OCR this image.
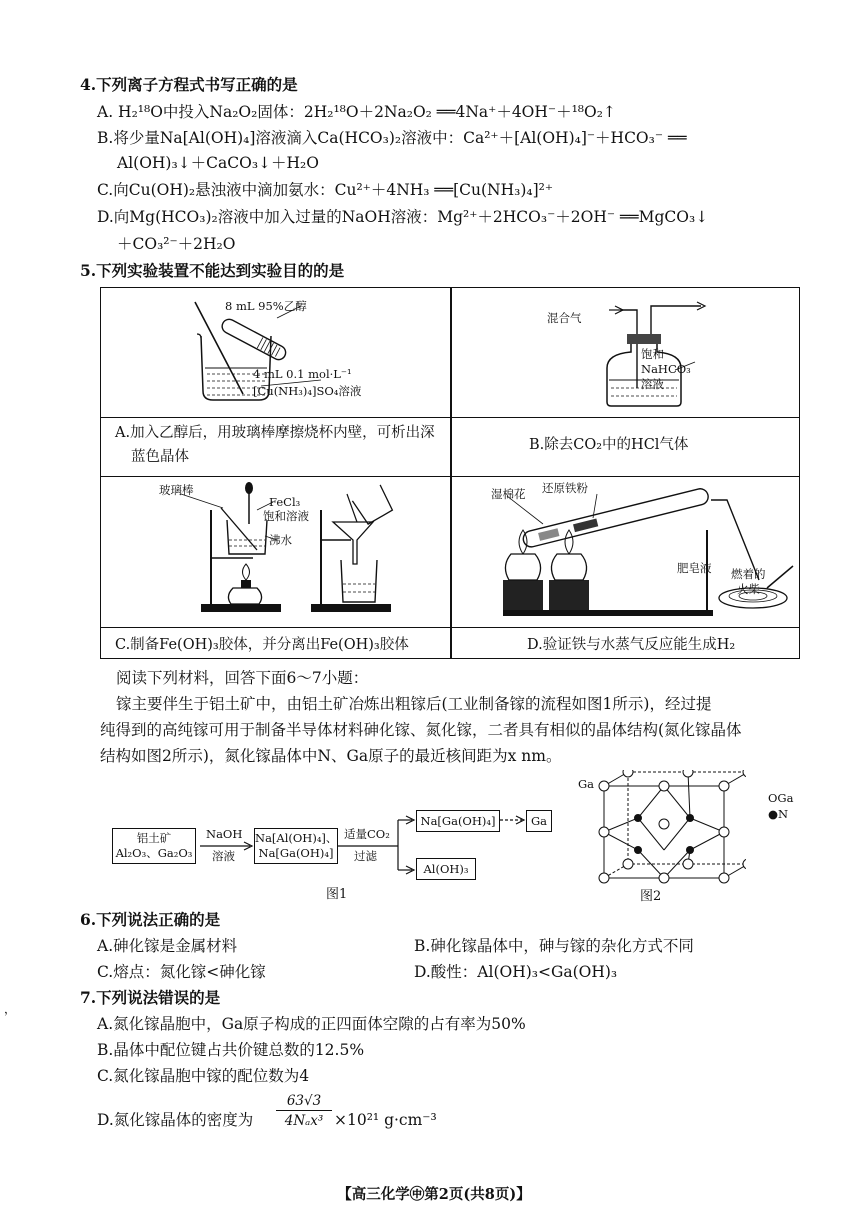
4.下列离子方程式书写正确的是
A. H₂¹⁸O中投入Na₂O₂固体：2H₂¹⁸O＋2Na₂O₂ ══4Na⁺＋4OH⁻＋¹⁸O₂↑
B.将少量Na[Al(OH)₄]溶液滴入Ca(HCO₃)₂溶液中：Ca²⁺＋[Al(OH)₄]⁻＋HCO₃⁻ ══
Al(OH)₃↓＋CaCO₃↓＋H₂O
C.向Cu(OH)₂悬浊液中滴加氨水：Cu²⁺＋4NH₃ ══[Cu(NH₃)₄]²⁺
D.向Mg(HCO₃)₂溶液中加入过量的NaOH溶液：Mg²⁺＋2HCO₃⁻＋2OH⁻ ══MgCO₃↓
＋CO₃²⁻＋2H₂O
5.下列实验装置不能达到实验目的的是
8 mL 95%乙醇
4 mL 0.1 mol·L⁻¹
[Cu(NH₃)₄]SO₄溶液
A.加入乙醇后，用玻璃棒摩擦烧杯内壁，可析出深
蓝色晶体
混合气
饱和
NaHCO₃
溶液
B.除去CO₂中的HCl气体
玻璃棒
FeCl₃
饱和溶液
沸水
C.制备Fe(OH)₃胶体，并分离出Fe(OH)₃胶体
湿棉花 还原铁粉
肥皂液 燃着的
火柴
D.验证铁与水蒸气反应能生成H₂
阅读下列材料，回答下面6～7小题：
镓主要伴生于铝土矿中，由铝土矿冶炼出粗镓后(工业制备镓的流程如图1所示)，经过提
纯得到的高纯镓可用于制备半导体材料砷化镓、氮化镓，二者具有相似的晶体结构(氮化镓晶体
结构如图2所示)，氮化镓晶体中N、Ga原子的最近核间距为x nm。
铝土矿
Al₂O₃、Ga₂O₃
NaOH
溶液
Na[Al(OH)₄]、
Na[Ga(OH)₄]
适量CO₂
过滤
Na[Ga(OH)₄]	Ga
Al(OH)₃
图1
Ga
OGa
●N
图2
6.下列说法正确的是
A.砷化镓是金属材料	B.砷化镓晶体中，砷与镓的杂化方式不同
C.熔点：氮化镓<砷化镓	D.酸性：Al(OH)₃<Ga(OH)₃
7.下列说法错误的是
A.氮化镓晶胞中，Ga原子构成的正四面体空隙的占有率为50%
B.晶体中配位键占共价键总数的12.5%
C.氮化镓晶胞中镓的配位数为4
D.氮化镓晶体的密度为
63√3
4Nₐx³ ×10²¹ g·cm⁻³
，
【高三化学㊥第2页(共8页)】
